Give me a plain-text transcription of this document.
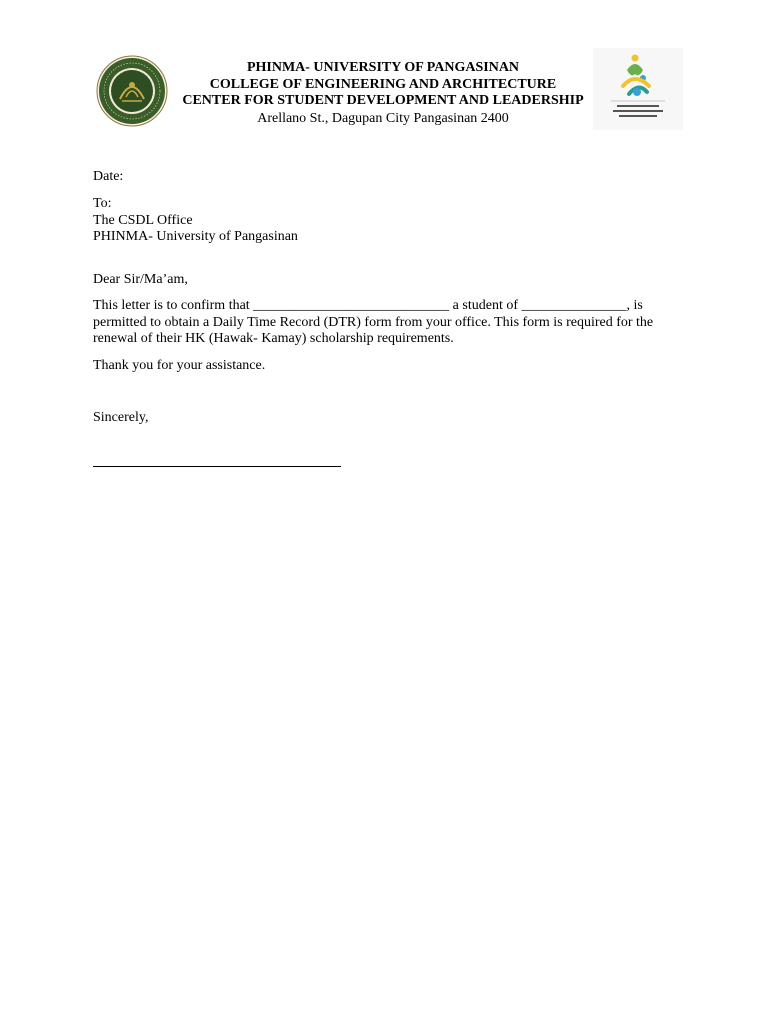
PHINMA- UNIVERSITY OF PANGASINAN
COLLEGE OF ENGINEERING AND ARCHITECTURE
CENTER FOR STUDENT DEVELOPMENT AND LEADERSHIP
Arellano St., Dagupan City Pangasinan 2400
Date:
To:
The CSDL Office
PHINMA- University of Pangasinan
Dear Sir/Ma’am,
This letter is to confirm that ____________________________ a student of _______________, is
permitted to obtain a Daily Time Record (DTR) form from your office. This form is required for the
renewal of their HK (Hawak- Kamay) scholarship requirements.
Thank you for your assistance.
Sincerely,
